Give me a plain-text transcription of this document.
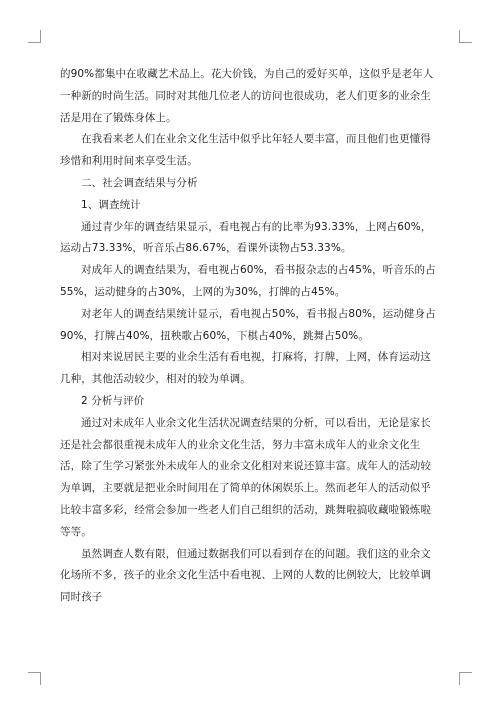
的90%都集中在收藏艺术品上。花大价钱，为自己的爱好买单，这似乎是老年人一种新的时尚生活。同时对其他几位老人的访问也很成功，老人们更多的业余生活是用在了锻炼身体上。

在我看来老人们在业余文化生活中似乎比年轻人要丰富，而且他们也更懂得珍惜和利用时间来享受生活。

二、社会调查结果与分析

1、调查统计

通过青少年的调查结果显示，看电视占有的比率为93.33%，上网占60%，运动占73.33%，听音乐占86.67%，看课外读物占53.33%。

对成年人的调查结果为，看电视占60%，看书报杂志的占45%，听音乐的占55%，运动健身的占30%，上网的为30%，打牌的占45%。

对老年人的调查结果统计显示，看电视占50%，看书报占80%，运动健身占90%，打牌占40%，扭秧歌占60%，下棋占40%，跳舞占50%。

相对来说居民主要的业余生活有看电视，打麻将，打牌，上网，体育运动这几种，其他活动较少，相对的较为单调。

2 分析与评价

通过对未成年人业余文化生活状况调查结果的分析，可以看出，无论是家长还是社会都很重视未成年人的业余文化生活，努力丰富未成年人的业余文化生活，除了生学习紧张外未成年人的业余文化相对来说还算丰富。成年人的活动较为单调，主要就是把业余时间用在了简单的休闲娱乐上。然而老年人的活动似乎比较丰富多彩，经常会参加一些老人们自己组织的活动，跳舞啦搞收藏啦锻炼啦等等。

虽然调查人数有限，但通过数据我们可以看到存在的问题。我们这的业余文化场所不多，孩子的业余文化生活中看电视、上网的人数的比例较大，比较单调同时孩子
